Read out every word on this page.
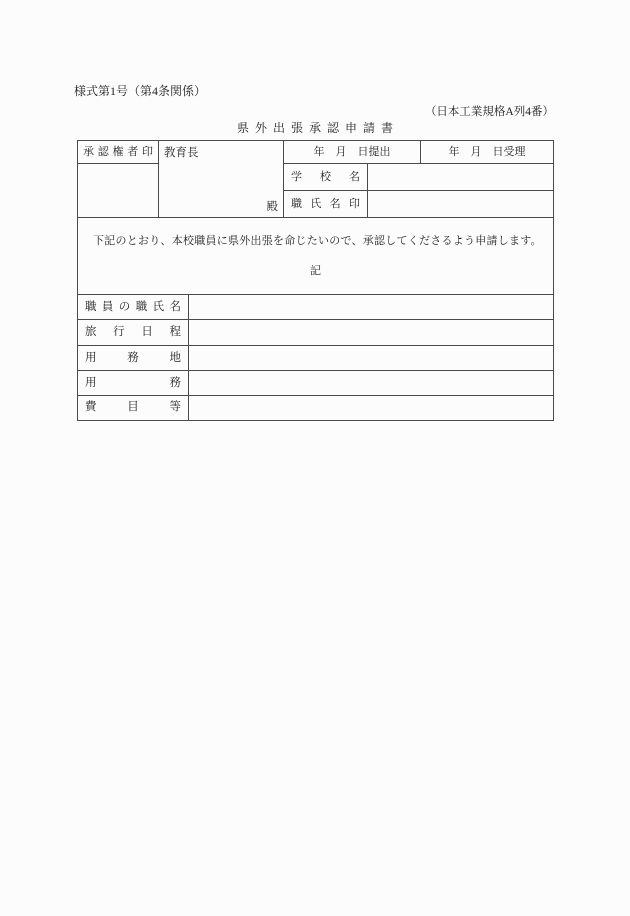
様式第1号（第4条関係）
（日本工業規格A列4番）
県外出張承認申請書
承認権者印 教育長
殿
年　月　日提出	年　月　日受理
学校名
職氏名印
下記のとおり、本校職員に県外出張を命じたいので、承認してくださるよう申請します。
記
職員の職氏名
旅行日程
用務地
用務
費目等
